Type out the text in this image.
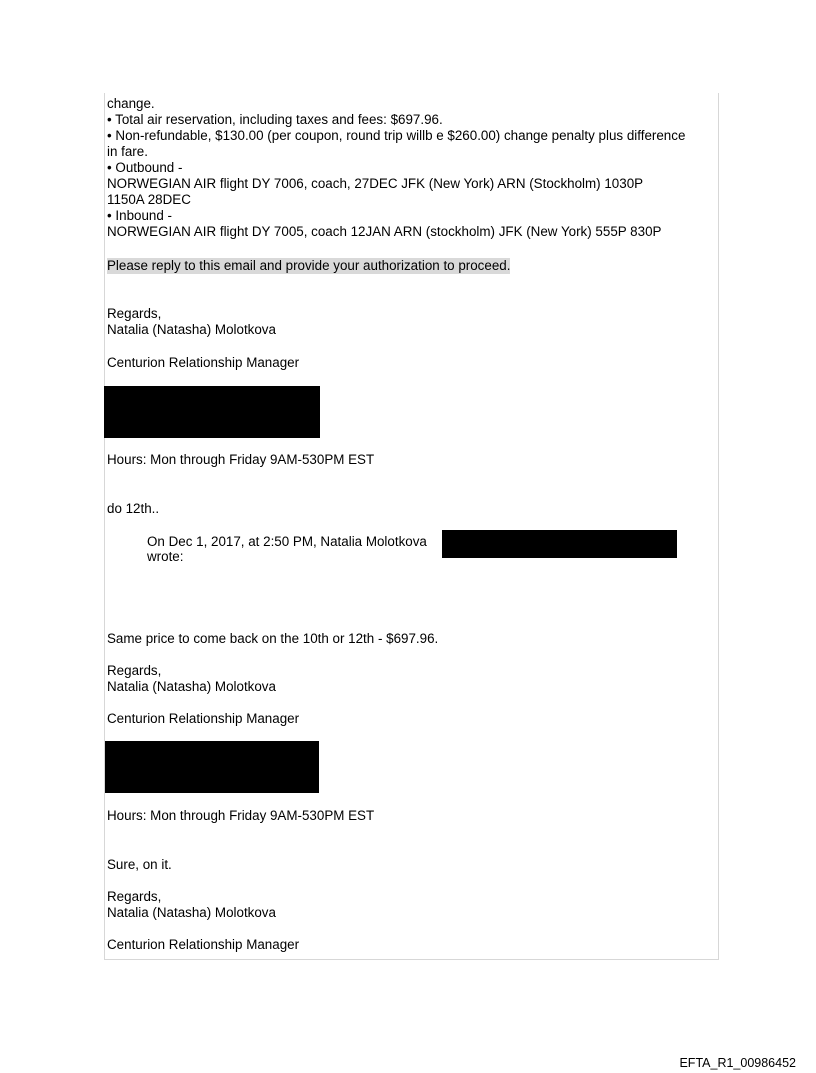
change.

• Total air reservation, including taxes and fees: $697.96.

• Non-refundable, $130.00 (per coupon, round trip willb e $260.00) change penalty plus difference

in fare.

• Outbound -

NORWEGIAN AIR flight DY 7006, coach, 27DEC JFK (New York) ARN (Stockholm) 1030P

1150A 28DEC

• Inbound -

NORWEGIAN AIR flight DY 7005, coach 12JAN ARN (stockholm) JFK (New York) 555P 830P

Please reply to this email and provide your authorization to proceed.

Regards,

Natalia (Natasha) Molotkova

Centurion Relationship Manager

Hours: Mon through Friday 9AM-530PM EST

do 12th..

On Dec 1, 2017, at 2:50 PM, Natalia Molotkova

wrote:

Same price to come back on the 10th or 12th - $697.96.

Regards,

Natalia (Natasha) Molotkova

Centurion Relationship Manager

Hours: Mon through Friday 9AM-530PM EST

Sure, on it.

Regards,

Natalia (Natasha) Molotkova

Centurion Relationship Manager

EFTA_R1_00986452
